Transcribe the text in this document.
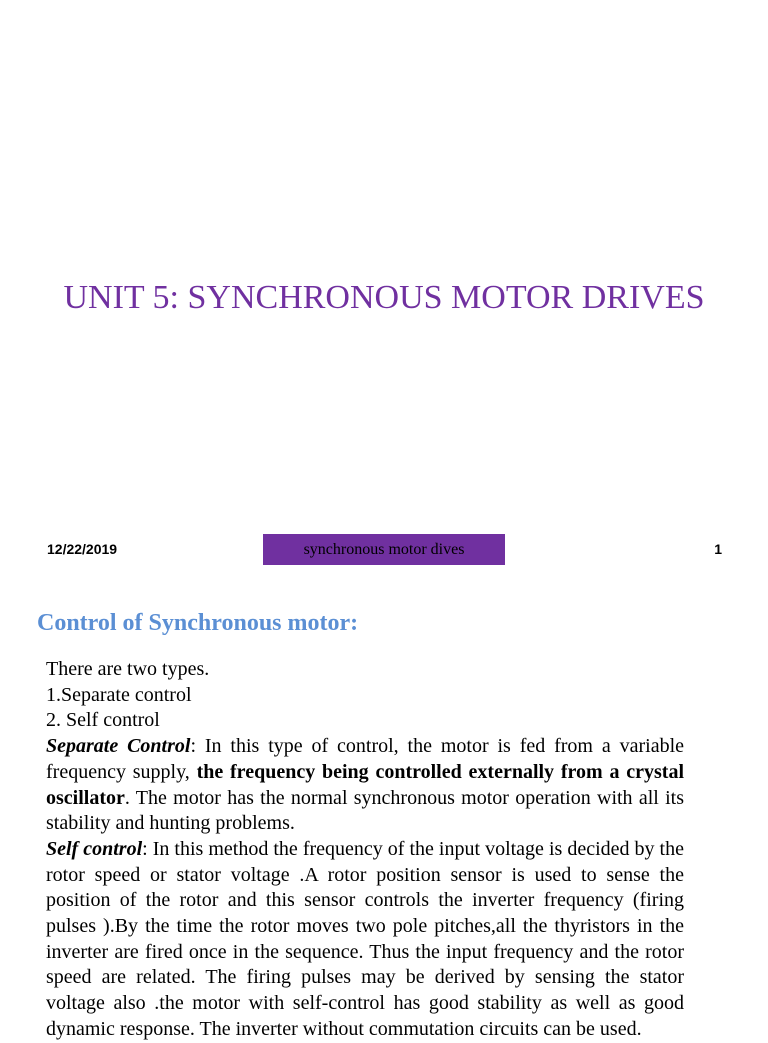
UNIT 5: SYNCHRONOUS MOTOR DRIVES
12/22/2019	synchronous motor dives	1
Control of Synchronous motor:

There are two types.

1.Separate control

2. Self control

Separate Control: In this type of control, the motor is fed from a variable frequency supply, the frequency being controlled externally from a crystal oscillator. The motor has the normal synchronous motor operation with all its stability and hunting problems.

Self control: In this method the frequency of the input voltage is decided by the rotor speed or stator voltage .A rotor position sensor is used to sense the position of the rotor and this sensor controls the inverter frequency (firing pulses ).By the time the rotor moves two pole pitches,all the thyristors in the inverter are fired once in the sequence. Thus the input frequency and the rotor speed are related. The firing pulses may be derived by sensing the stator voltage also .the motor with self-control has good stability as well as good dynamic response. The inverter without commutation circuits can be used.
